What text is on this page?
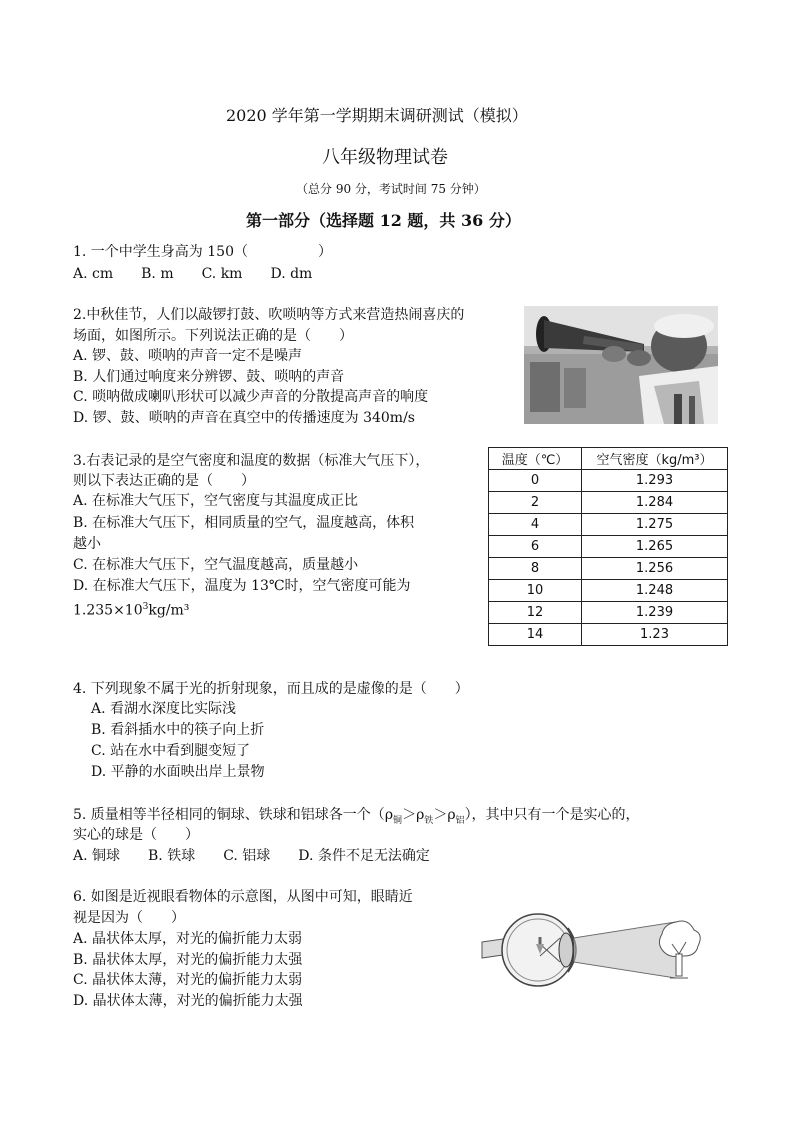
2020 学年第一学期期末调研测试（模拟）
八年级物理试卷
（总分 90 分，考试时间 75 分钟）
第一部分（选择题 12 题，共 36 分）
1. 一个中学生身高为 150（　　　　　）
A. cm　　B. m　　C. km　　D. dm
2.中秋佳节，人们以敲锣打鼓、吹唢呐等方式来营造热闹喜庆的
场面，如图所示。下列说法正确的是（　　）
A. 锣、鼓、唢呐的声音一定不是噪声
B. 人们通过响度来分辨锣、鼓、唢呐的声音
C. 唢呐做成喇叭形状可以减少声音的分散提高声音的响度
D. 锣、鼓、唢呐的声音在真空中的传播速度为 340m/s
3.右表记录的是空气密度和温度的数据（标准大气压下），
则以下表达正确的是（　　）
A. 在标准大气压下，空气密度与其温度成正比
B. 在标准大气压下，相同质量的空气，温度越高，体积
越小
C. 在标准大气压下，空气温度越高，质量越小
D. 在标准大气压下，温度为 13℃时，空气密度可能为
$1.235\times 10^3kg/m^3$
温度（℃）	空气密度（kg/m³）
0	1.293
2	1.284
4	1.275
6	1.265
8	1.256
10	1.248
12	1.239
14	1.23
4. 下列现象不属于光的折射现象，而且成的是虚像的是（　　）
A. 看湖水深度比实际浅
B. 看斜插水中的筷子向上折
C. 站在水中看到腿变短了
D. 平静的水面映出岸上景物
5. 质量相等半径相同的铜球、铁球和铝球各一个$(\rho_铜>\rho_铁>\rho_铝)$，其中只有一个是实心的，
实心的球是（　　）
A. 铜球　　B. 铁球　　C. 铝球　　D. 条件不足无法确定
6. 如图是近视眼看物体的示意图，从图中可知，眼睛近
视是因为（　　）
A. 晶状体太厚，对光的偏折能力太弱
B. 晶状体太厚，对光的偏折能力太强
C. 晶状体太薄，对光的偏折能力太弱
D. 晶状体太薄，对光的偏折能力太强
